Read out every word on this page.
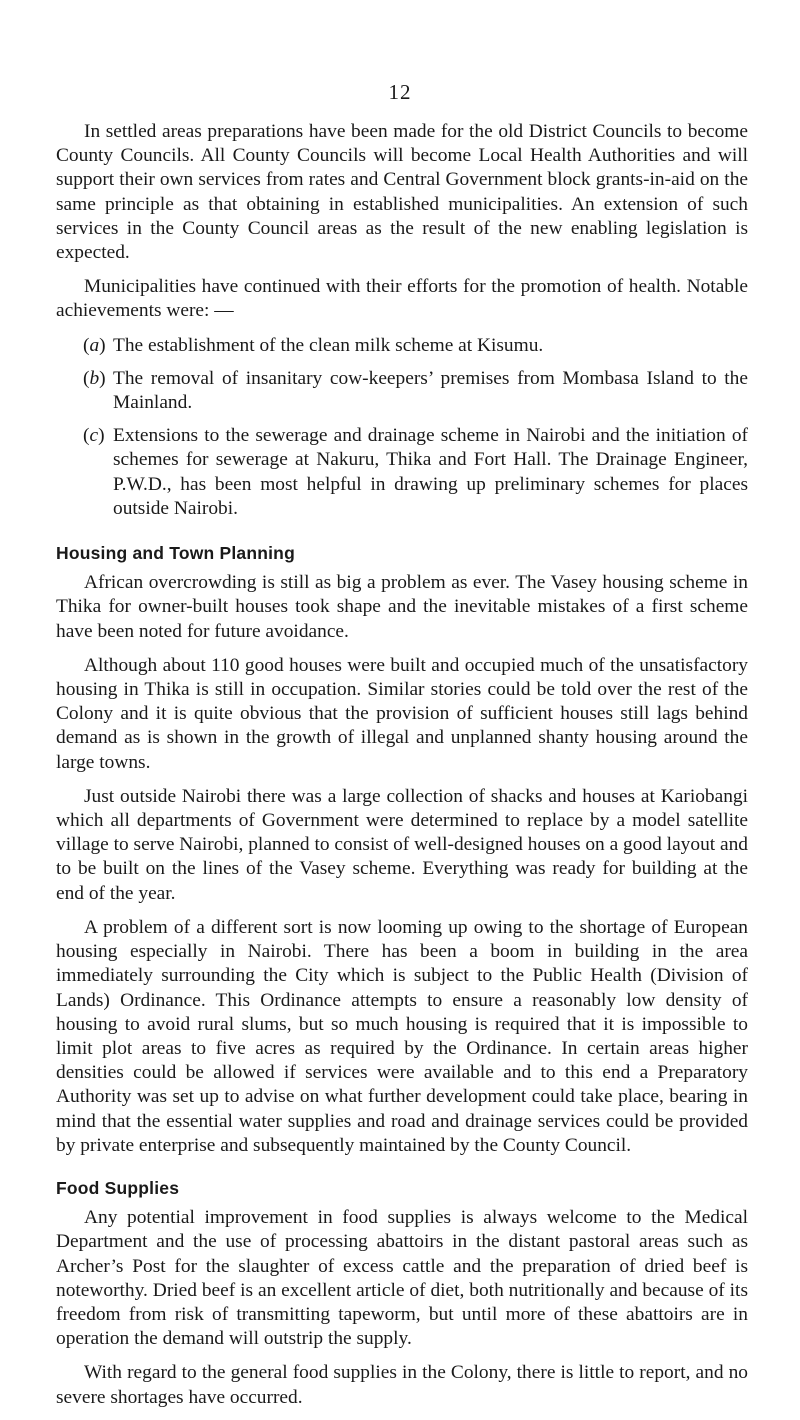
12

In settled areas preparations have been made for the old District Councils to become County Councils. All County Councils will become Local Health Authorities and will support their own services from rates and Central Government block grants-in-aid on the same principle as that obtaining in established municipalities. An extension of such services in the County Council areas as the result of the new enabling legislation is expected.

Municipalities have continued with their efforts for the promotion of health. Notable achievements were: —

(a) The establishment of the clean milk scheme at Kisumu.
(b) The removal of insanitary cow-keepers’ premises from Mombasa Island to the Mainland.
(c) Extensions to the sewerage and drainage scheme in Nairobi and the initiation of schemes for sewerage at Nakuru, Thika and Fort Hall. The Drainage Engineer, P.W.D., has been most helpful in drawing up preliminary schemes for places outside Nairobi.
Housing and Town Planning

African overcrowding is still as big a problem as ever. The Vasey housing scheme in Thika for owner-built houses took shape and the inevitable mistakes of a first scheme have been noted for future avoidance.

Although about 110 good houses were built and occupied much of the unsatisfactory housing in Thika is still in occupation. Similar stories could be told over the rest of the Colony and it is quite obvious that the provision of sufficient houses still lags behind demand as is shown in the growth of illegal and unplanned shanty housing around the large towns.

Just outside Nairobi there was a large collection of shacks and houses at Kariobangi which all departments of Government were determined to replace by a model satellite village to serve Nairobi, planned to consist of well-designed houses on a good layout and to be built on the lines of the Vasey scheme. Everything was ready for building at the end of the year.

A problem of a different sort is now looming up owing to the shortage of European housing especially in Nairobi. There has been a boom in building in the area immediately surrounding the City which is subject to the Public Health (Division of Lands) Ordinance. This Ordinance attempts to ensure a reasonably low density of housing to avoid rural slums, but so much housing is required that it is impossible to limit plot areas to five acres as required by the Ordinance. In certain areas higher densities could be allowed if services were available and to this end a Preparatory Authority was set up to advise on what further development could take place, bearing in mind that the essential water supplies and road and drainage services could be provided by private enterprise and subsequently maintained by the County Council.

Food Supplies

Any potential improvement in food supplies is always welcome to the Medical Department and the use of processing abattoirs in the distant pastoral areas such as Archer’s Post for the slaughter of excess cattle and the preparation of dried beef is noteworthy. Dried beef is an excellent article of diet, both nutritionally and because of its freedom from risk of transmitting tapeworm, but until more of these abattoirs are in operation the demand will outstrip the supply.

With regard to the general food supplies in the Colony, there is little to report, and no severe shortages have occurred.
